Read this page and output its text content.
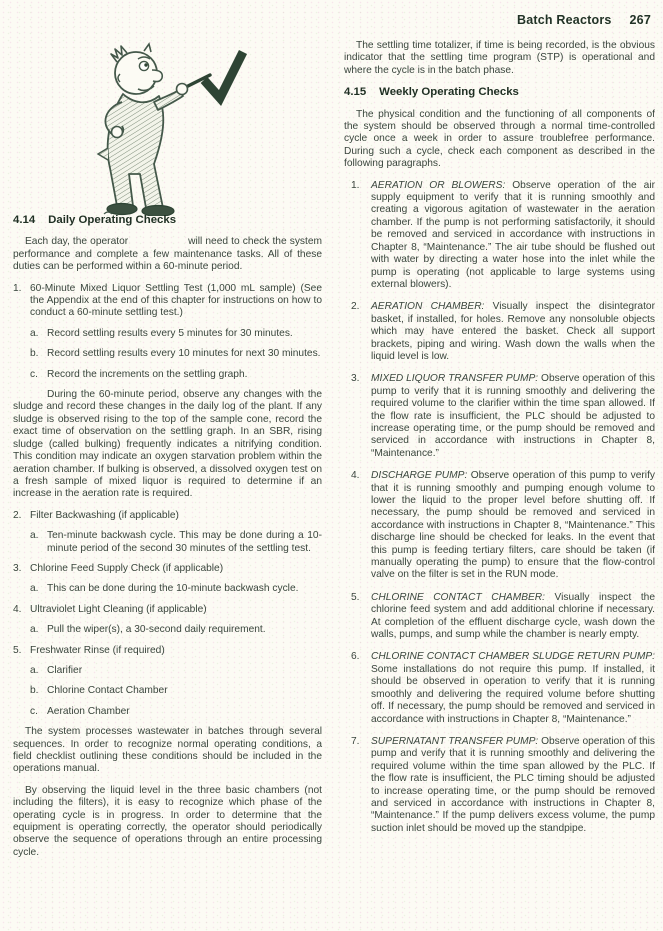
Batch Reactors 267
4.14 Daily Operating Checks

Each day, the operator	will need to check the system performance and complete a few maintenance tasks. All of these duties can be performed within a 60-minute period.

1. 60-Minute Mixed Liquor Settling Test (1,000 mL sample) (See the Appendix at the end of this chapter for instructions on how to conduct a 60-minute settling test.)
a. Record settling results every 5 minutes for 30 minutes.
b. Record settling results every 10 minutes for next 30 minutes.
c. Record the increments on the settling graph.

During the 60-minute period, observe any changes with the sludge and record these changes in the daily log of the plant. If any sludge is observed rising to the top of the sample cone, record the exact time of observation on the settling graph. In an SBR, rising sludge (called bulking) frequently indicates a nitrifying condition. This condition may indicate an oxygen starvation problem within the aeration chamber. If bulking is observed, a dissolved oxygen test on a fresh sample of mixed liquor is required to determine if an increase in the aeration rate is required.

2. Filter Backwashing (if applicable)
a. Ten-minute backwash cycle. This may be done during a 10-minute period of the second 30 minutes of the settling test.
3. Chlorine Feed Supply Check (if applicable)
a. This can be done during the 10-minute backwash cycle.
4. Ultraviolet Light Cleaning (if applicable)
a. Pull the wiper(s), a 30-second daily requirement.
5. Freshwater Rinse (if required)
a. Clarifier
b. Chlorine Contact Chamber
c. Aeration Chamber

The system processes wastewater in batches through several sequences. In order to recognize normal operating conditions, a field checklist outlining these conditions should be included in the operations manual.

By observing the liquid level in the three basic chambers (not including the filters), it is easy to recognize which phase of the operating cycle is in progress. In order to determine that the equipment is operating correctly, the operator should periodically observe the sequence of operations through an entire processing cycle.

The settling time totalizer, if time is being recorded, is the obvious indicator that the settling time program (STP) is operational and where the cycle is in the batch phase.

4.15 Weekly Operating Checks

The physical condition and the functioning of all components of the system should be observed through a normal time-controlled cycle once a week in order to assure troublefree performance. During such a cycle, check each component as described in the following paragraphs.

1. AERATION OR BLOWERS: Observe operation of the air supply equipment to verify that it is running smoothly and creating a vigorous agitation of wastewater in the aeration chamber. If the pump is not performing satisfactorily, it should be removed and serviced in accordance with instructions in Chapter 8, “Maintenance.” The air tube should be flushed out with water by directing a water hose into the inlet while the pump is operating (not applicable to large systems using external blowers).
2. AERATION CHAMBER: Visually inspect the disintegrator basket, if installed, for holes. Remove any nonsoluble objects which may have entered the basket. Check all support brackets, piping and wiring. Wash down the walls when the liquid level is low.
3. MIXED LIQUOR TRANSFER PUMP: Observe operation of this pump to verify that it is running smoothly and delivering the required volume to the clarifier within the time span allowed. If the flow rate is insufficient, the PLC should be adjusted to increase operating time, or the pump should be removed and serviced in accordance with instructions in Chapter 8, “Maintenance.”
4. DISCHARGE PUMP: Observe operation of this pump to verify that it is running smoothly and pumping enough volume to lower the liquid to the proper level before shutting off. If necessary, the pump should be removed and serviced in accordance with instructions in Chapter 8, “Maintenance.” This discharge line should be checked for leaks. In the event that this pump is feeding tertiary filters, care should be taken (if manually operating the pump) to ensure that the flow-control valve on the filter is set in the RUN mode.
5. CHLORINE CONTACT CHAMBER: Visually inspect the chlorine feed system and add additional chlorine if necessary. At completion of the effluent discharge cycle, wash down the walls, pumps, and sump while the chamber is nearly empty.
6. CHLORINE CONTACT CHAMBER SLUDGE RETURN PUMP: Some installations do not require this pump. If installed, it should be observed in operation to verify that it is running smoothly and delivering the required volume before shutting off. If necessary, the pump should be removed and serviced in accordance with instructions in Chapter 8, “Maintenance.”
7. SUPERNATANT TRANSFER PUMP: Observe operation of this pump and verify that it is running smoothly and delivering the required volume within the time span allowed by the PLC. If the flow rate is insufficient, the PLC timing should be adjusted to increase operating time, or the pump should be removed and serviced in accordance with instructions in Chapter 8, “Maintenance.” If the pump delivers excess volume, the pump suction inlet should be moved up the standpipe.
